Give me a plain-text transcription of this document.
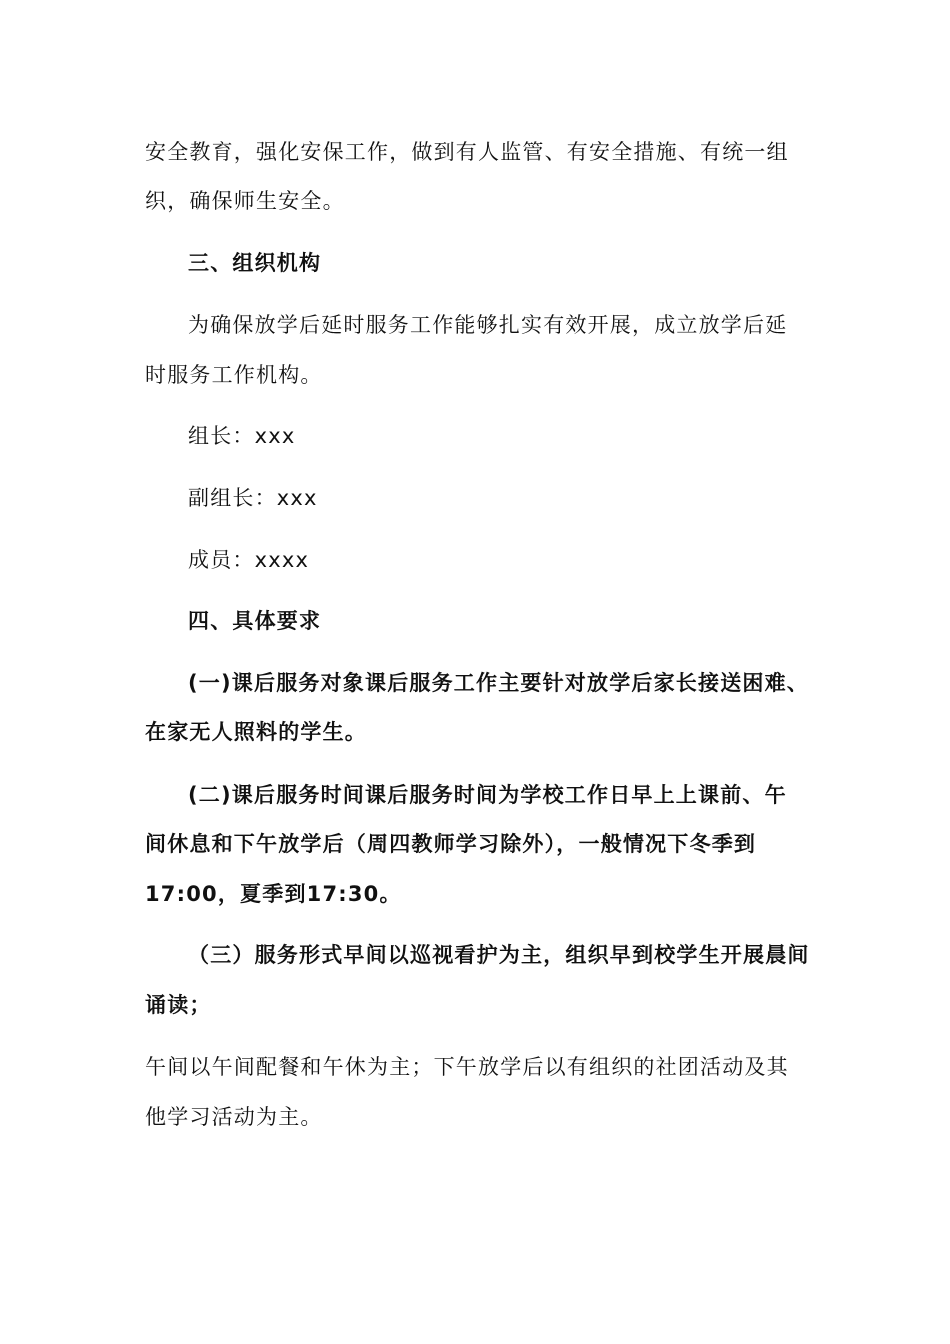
安全教育，强化安保工作，做到有人监管、有安全措施、有统一组
织，确保师生安全。
三、组织机构
为确保放学后延时服务工作能够扎实有效开展，成立放学后延
时服务工作机构。
组长：xxx
副组长：xxx
成员：xxxx
四、具体要求
(一)课后服务对象课后服务工作主要针对放学后家长接送困难、
在家无人照料的学生。
(二)课后服务时间课后服务时间为学校工作日早上上课前、午
间休息和下午放学后（周四教师学习除外），一般情况下冬季到
17:00，夏季到17:30。
（三）服务形式早间以巡视看护为主，组织早到校学生开展晨间
诵读；
午间以午间配餐和午休为主；下午放学后以有组织的社团活动及其
他学习活动为主。
